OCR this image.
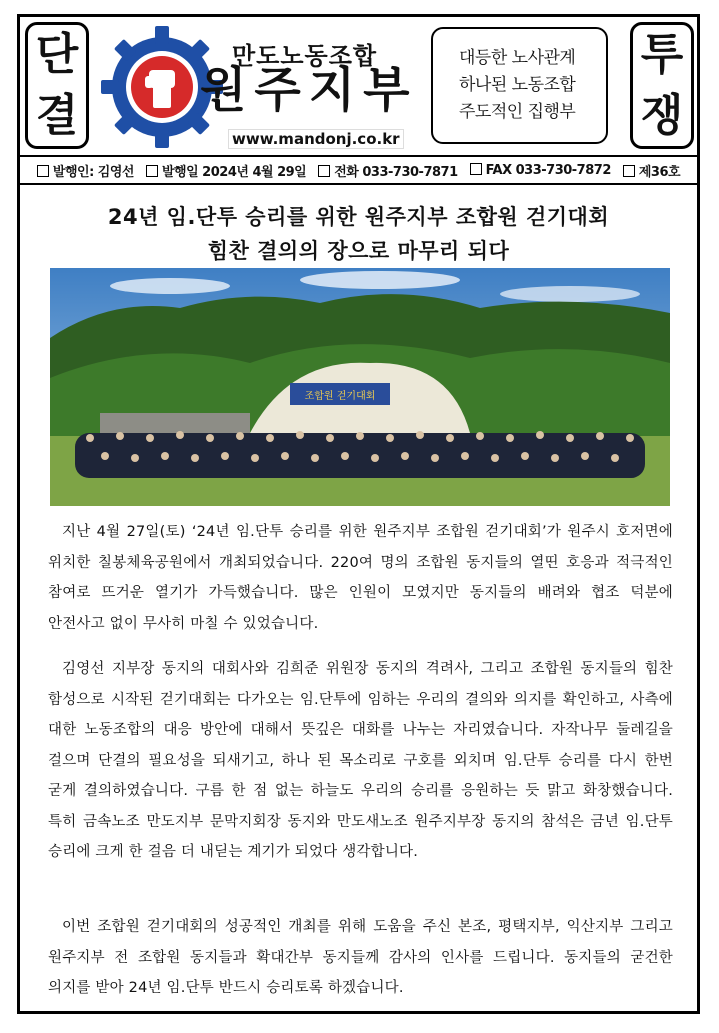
단
결
만도노동조합
원주지부
www.mandonj.co.kr
대등한 노사관계
하나된 노동조합
주도적인 집행부
투
쟁
발행인: 김영선	발행일 2024년 4월 29일	전화 033-730-7871	FAX 033-730-7872	제36호
24년 임.단투 승리를 위한 원주지부 조합원 걷기대회
힘찬 결의의 장으로 마무리 되다
조합원 걷기대회
지난 4월 27일(토) ‘24년 임.단투 승리를 위한 원주지부 조합원 걷기대회’가 원주시 호저면에 위치한 칠봉체육공원에서 개최되었습니다. 220여 명의 조합원 동지들의 열띤 호응과 적극적인 참여로 뜨거운 열기가 가득했습니다. 많은 인원이 모였지만 동지들의 배려와 협조 덕분에 안전사고 없이 무사히 마칠 수 있었습니다.
김영선 지부장 동지의 대회사와 김희준 위원장 동지의 격려사, 그리고 조합원 동지들의 힘찬 함성으로 시작된 걷기대회는 다가오는 임.단투에 임하는 우리의 결의와 의지를 확인하고, 사측에 대한 노동조합의 대응 방안에 대해서 뜻깊은 대화를 나누는 자리였습니다. 자작나무 둘레길을 걸으며 단결의 필요성을 되새기고, 하나 된 목소리로 구호를 외치며 임.단투 승리를 다시 한번 굳게 결의하였습니다. 구름 한 점 없는 하늘도 우리의 승리를 응원하는 듯 맑고 화창했습니다. 특히 금속노조 만도지부 문막지회장 동지와 만도새노조 원주지부장 동지의 참석은 금년 임.단투 승리에 크게 한 걸음 더 내딛는 계기가 되었다 생각합니다.
이번 조합원 걷기대회의 성공적인 개최를 위해 도움을 주신 본조, 평택지부, 익산지부 그리고 원주지부 전 조합원 동지들과 확대간부 동지들께 감사의 인사를 드립니다. 동지들의 굳건한 의지를 받아 24년 임.단투 반드시 승리토록 하겠습니다.
